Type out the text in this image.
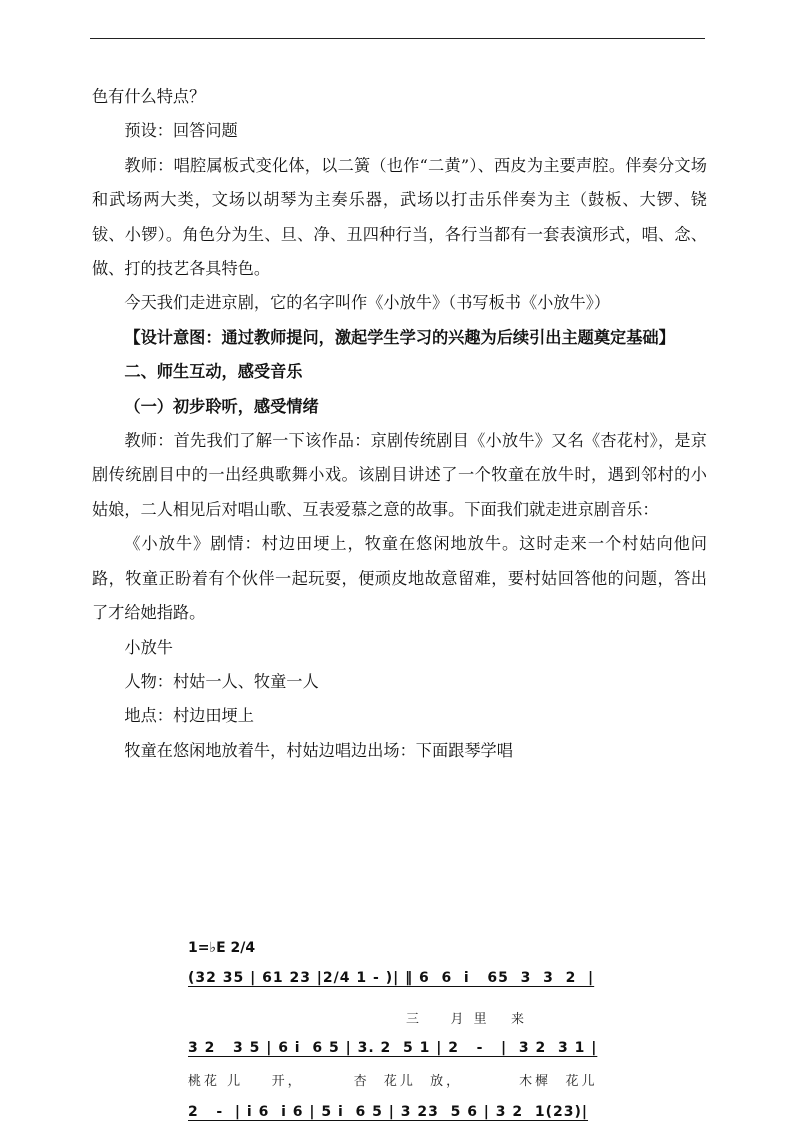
色有什么特点？

预设：回答问题

教师：唱腔属板式变化体，以二簧（也作“二黄”）、西皮为主要声腔。伴奏分文场和武场两大类，文场以胡琴为主奏乐器，武场以打击乐伴奏为主（鼓板、大锣、铙钹、小锣）。角色分为生、旦、净、丑四种行当，各行当都有一套表演形式，唱、念、做、打的技艺各具特色。

今天我们走进京剧，它的名字叫作《小放牛》（书写板书《小放牛》）

【设计意图：通过教师提问，激起学生学习的兴趣为后续引出主题奠定基础】

二、师生互动，感受音乐

（一）初步聆听，感受情绪

教师：首先我们了解一下该作品：京剧传统剧目《小放牛》又名《杏花村》，是京剧传统剧目中的一出经典歌舞小戏。该剧目讲述了一个牧童在放牛时，遇到邻村的小姑娘，二人相见后对唱山歌、互表爱慕之意的故事。下面我们就走进京剧音乐：

《小放牛》剧情：村边田埂上，牧童在悠闲地放牛。这时走来一个村姑向他问路，牧童正盼着有个伙伴一起玩耍，便顽皮地故意留难，要村姑回答他的问题，答出了才给她指路。

小放牛

人物：村姑一人、牧童一人

地点：村边田埂上

牧童在悠闲地放着牛，村姑边唱边出场：下面跟琴学唱

1=♭E 2/4
(32 35 | 61 23 |2/4 1 - )| ‖ 6  6  i   65  3  3  2  |
三    月 里   来
3 2   3 5 | 6 i  6 5 | 3. 2  5 1 | 2   -   |  3 2  3 1 |
桃花 儿    开，       杏  花儿  放，        木樨  花儿
2   -  | i 6  i 6 | 5 i  6 5 | 3 23  5 6 | 3 2  1(23)|
